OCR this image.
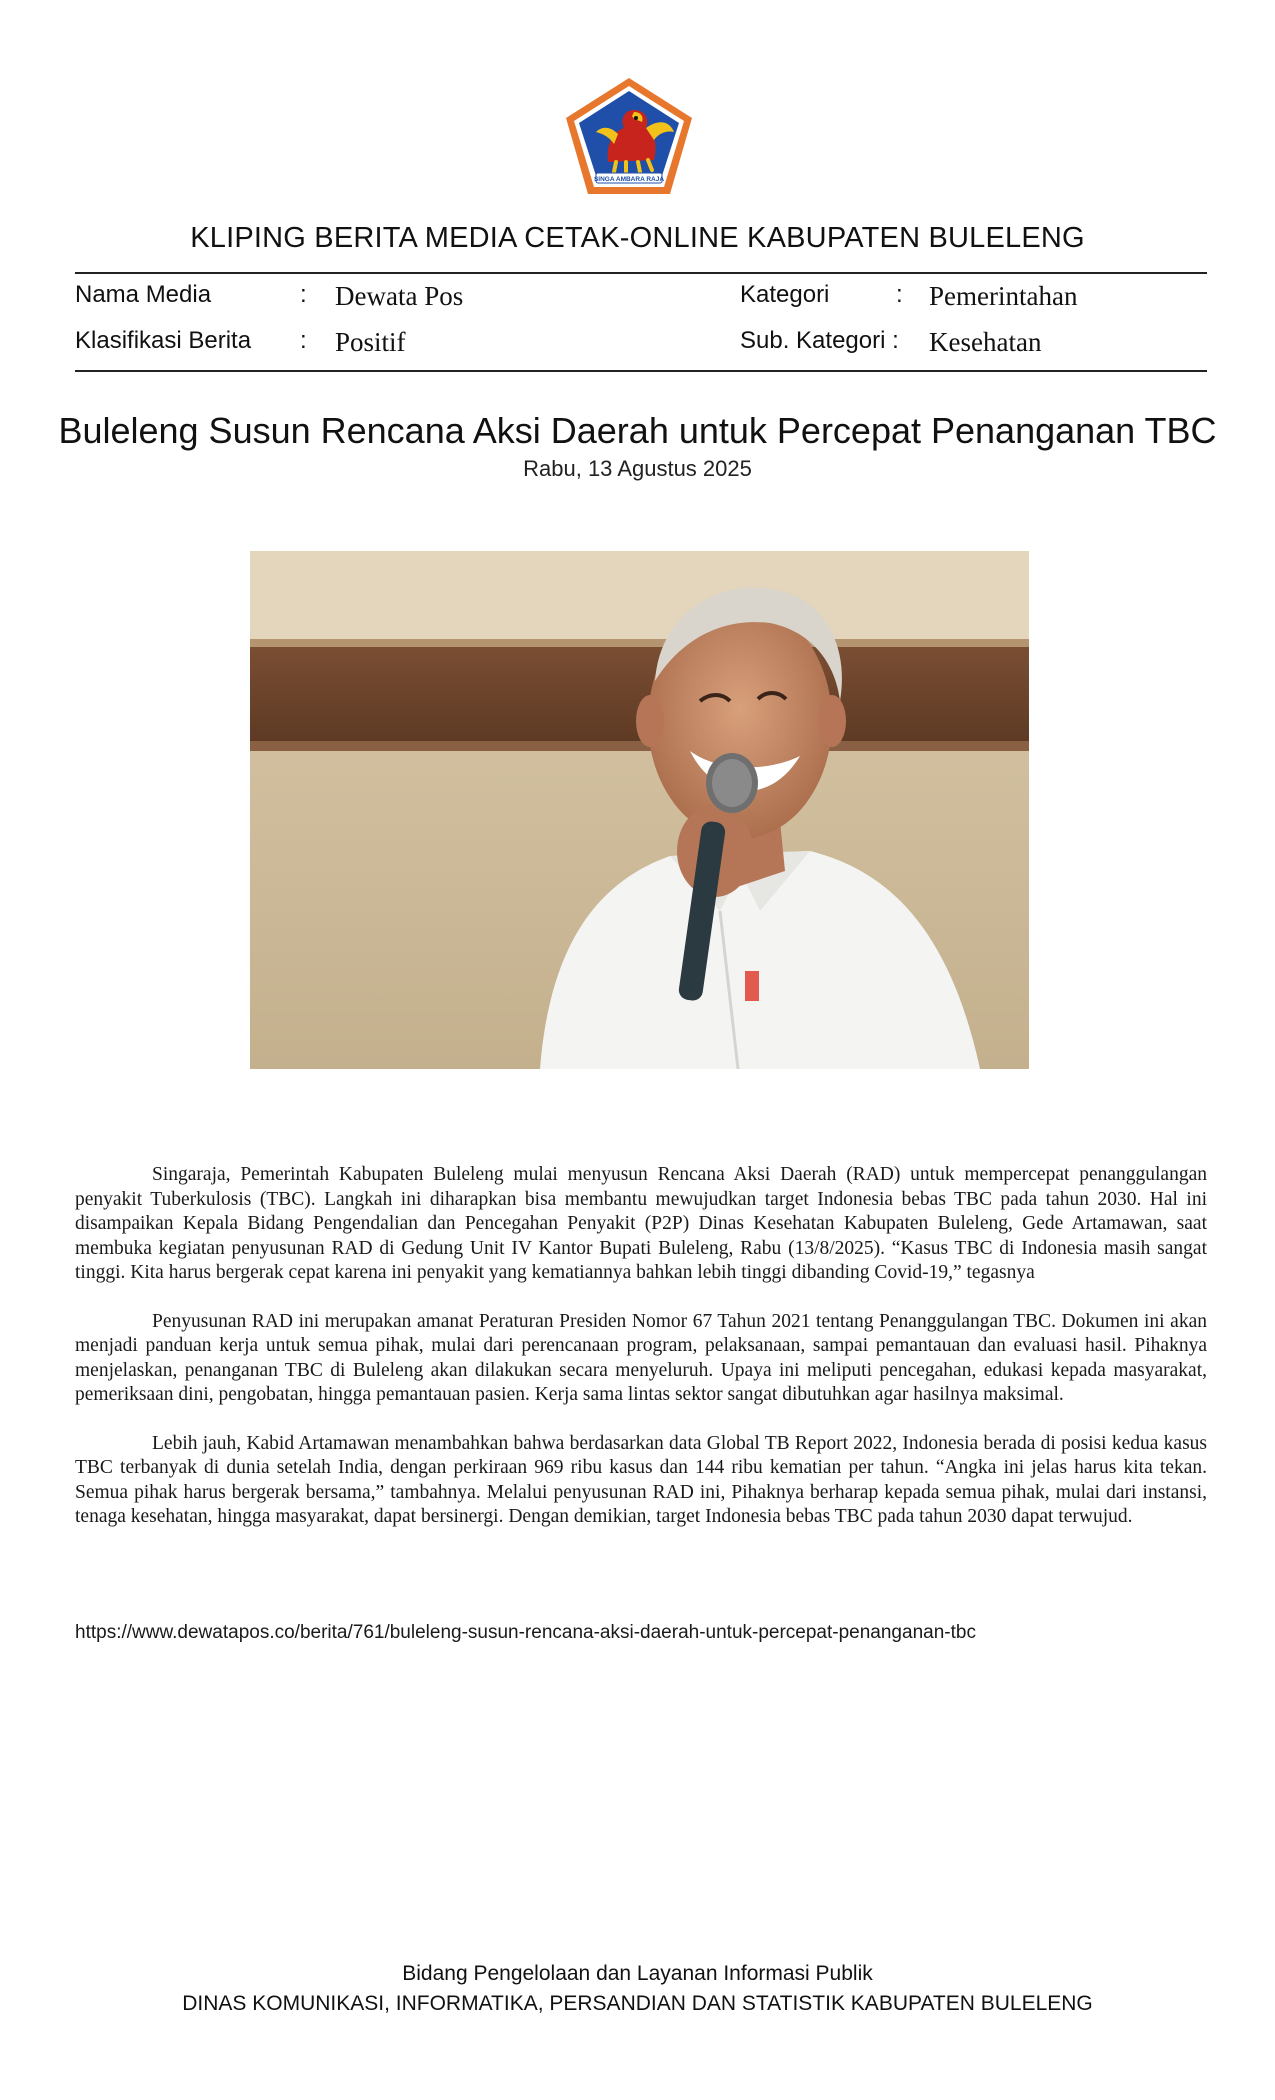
SINGA AMBARA RAJA
KLIPING BERITA MEDIA CETAK-ONLINE KABUPATEN BULELENG
Nama Media	: Dewata Pos	Kategori	: Pemerintahan
Klasifikasi Berita : Positif	Sub. Kategori : Kesehatan
Buleleng Susun Rencana Aksi Daerah untuk Percepat Penanganan TBC
Rabu, 13 Agustus 2025

Singaraja, Pemerintah Kabupaten Buleleng mulai menyusun Rencana Aksi Daerah (RAD) untuk mempercepat penanggulangan penyakit Tuberkulosis (TBC). Langkah ini diharapkan bisa membantu mewujudkan target Indonesia bebas TBC pada tahun 2030. Hal ini disampaikan Kepala Bidang Pengendalian dan Pencegahan Penyakit (P2P) Dinas Kesehatan Kabupaten Buleleng, Gede Artamawan, saat membuka kegiatan penyusunan RAD di Gedung Unit IV Kantor Bupati Buleleng, Rabu (13/8/2025). “Kasus TBC di Indonesia masih sangat tinggi. Kita harus bergerak cepat karena ini penyakit yang kematiannya bahkan lebih tinggi dibanding Covid-19,” tegasnya

Penyusunan RAD ini merupakan amanat Peraturan Presiden Nomor 67 Tahun 2021 tentang Penanggulangan TBC. Dokumen ini akan menjadi panduan kerja untuk semua pihak, mulai dari perencanaan program, pelaksanaan, sampai pemantauan dan evaluasi hasil. Pihaknya menjelaskan, penanganan TBC di Buleleng akan dilakukan secara menyeluruh. Upaya ini meliputi pencegahan, edukasi kepada masyarakat, pemeriksaan dini, pengobatan, hingga pemantauan pasien. Kerja sama lintas sektor sangat dibutuhkan agar hasilnya maksimal.

Lebih jauh, Kabid Artamawan menambahkan bahwa berdasarkan data Global TB Report 2022, Indonesia berada di posisi kedua kasus TBC terbanyak di dunia setelah India, dengan perkiraan 969 ribu kasus dan 144 ribu kematian per tahun. “Angka ini jelas harus kita tekan. Semua pihak harus bergerak bersama,” tambahnya. Melalui penyusunan RAD ini, Pihaknya berharap kepada semua pihak, mulai dari instansi, tenaga kesehatan, hingga masyarakat, dapat bersinergi. Dengan demikian, target Indonesia bebas TBC pada tahun 2030 dapat terwujud.

https://www.dewatapos.co/berita/761/buleleng-susun-rencana-aksi-daerah-untuk-percepat-penanganan-tbc
Bidang Pengelolaan dan Layanan Informasi Publik
DINAS KOMUNIKASI, INFORMATIKA, PERSANDIAN DAN STATISTIK KABUPATEN BULELENG
